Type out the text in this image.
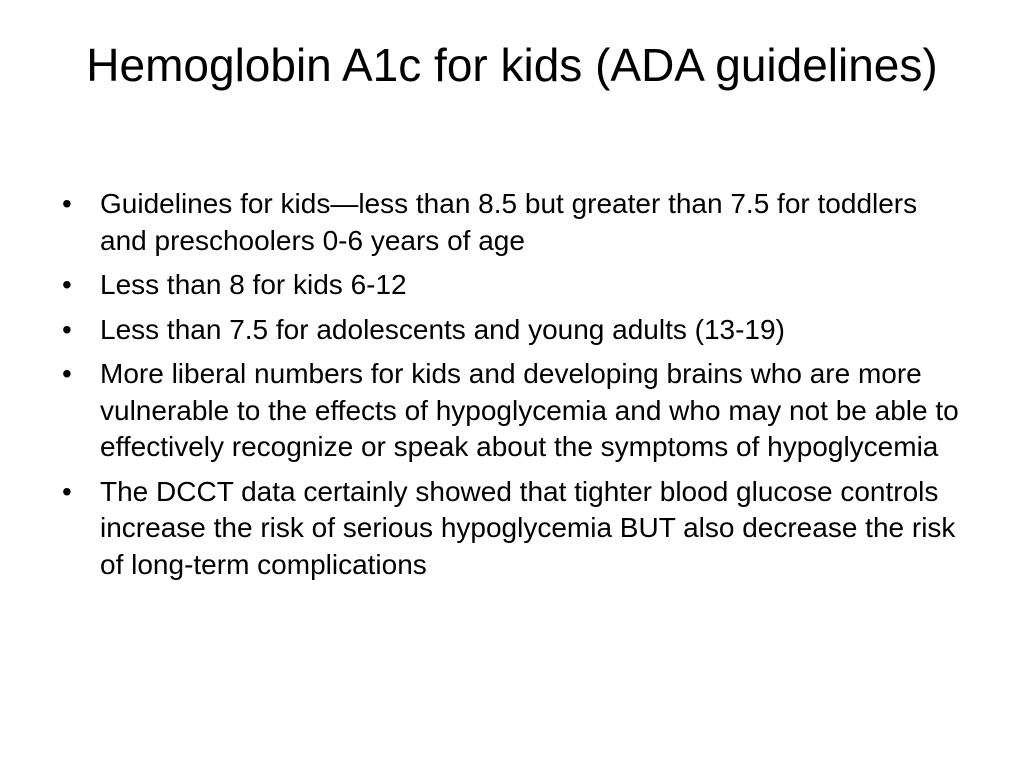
Hemoglobin A1c for kids (ADA guidelines)
•	Guidelines for kids—less than 8.5 but greater than 7.5 for toddlers and preschoolers 0-6 years of age
•	Less than 8 for kids 6-12
•	Less than 7.5 for adolescents and young adults (13-19)
•	More liberal numbers for kids and developing brains who are more vulnerable to the effects of hypoglycemia and who may not be able to effectively recognize or speak about the symptoms of hypoglycemia
•	The DCCT data certainly showed that tighter blood glucose controls increase the risk of serious hypoglycemia BUT also decrease the risk of long-term complications
